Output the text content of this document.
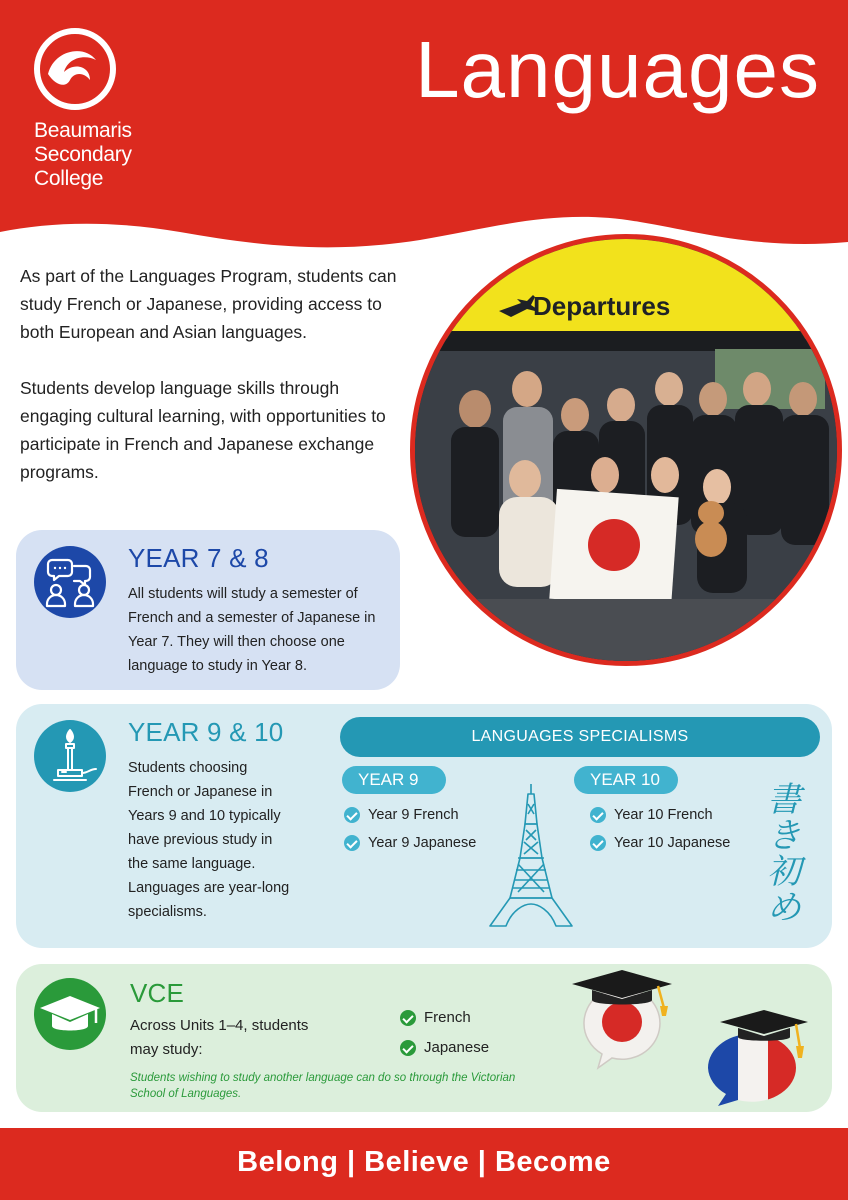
Beaumaris
Secondary
College
Languages

As part of the Languages Program, students can study French or Japanese, providing access to both European and Asian languages.

Students develop language skills through engaging cultural learning, with opportunities to participate in French and Japanese exchange programs.

Departures
YEAR 7 & 8
All students will study a semester of French and a semester of Japanese in Year 7. They will then choose one language to study in Year 8.
YEAR 9 & 10
Students choosing French or Japanese in Years 9 and 10 typically have previous study in the same language. Languages are year-long specialisms.
LANGUAGES SPECIALISMS
YEAR 9
Year 9 French
Year 9 Japanese
YEAR 10
Year 10 French
Year 10 Japanese
書き初め
VCE
Across Units 1–4, students may study:
French
Japanese
Students wishing to study another language can do so through the Victorian School of Languages.
Belong | Believe | Become
